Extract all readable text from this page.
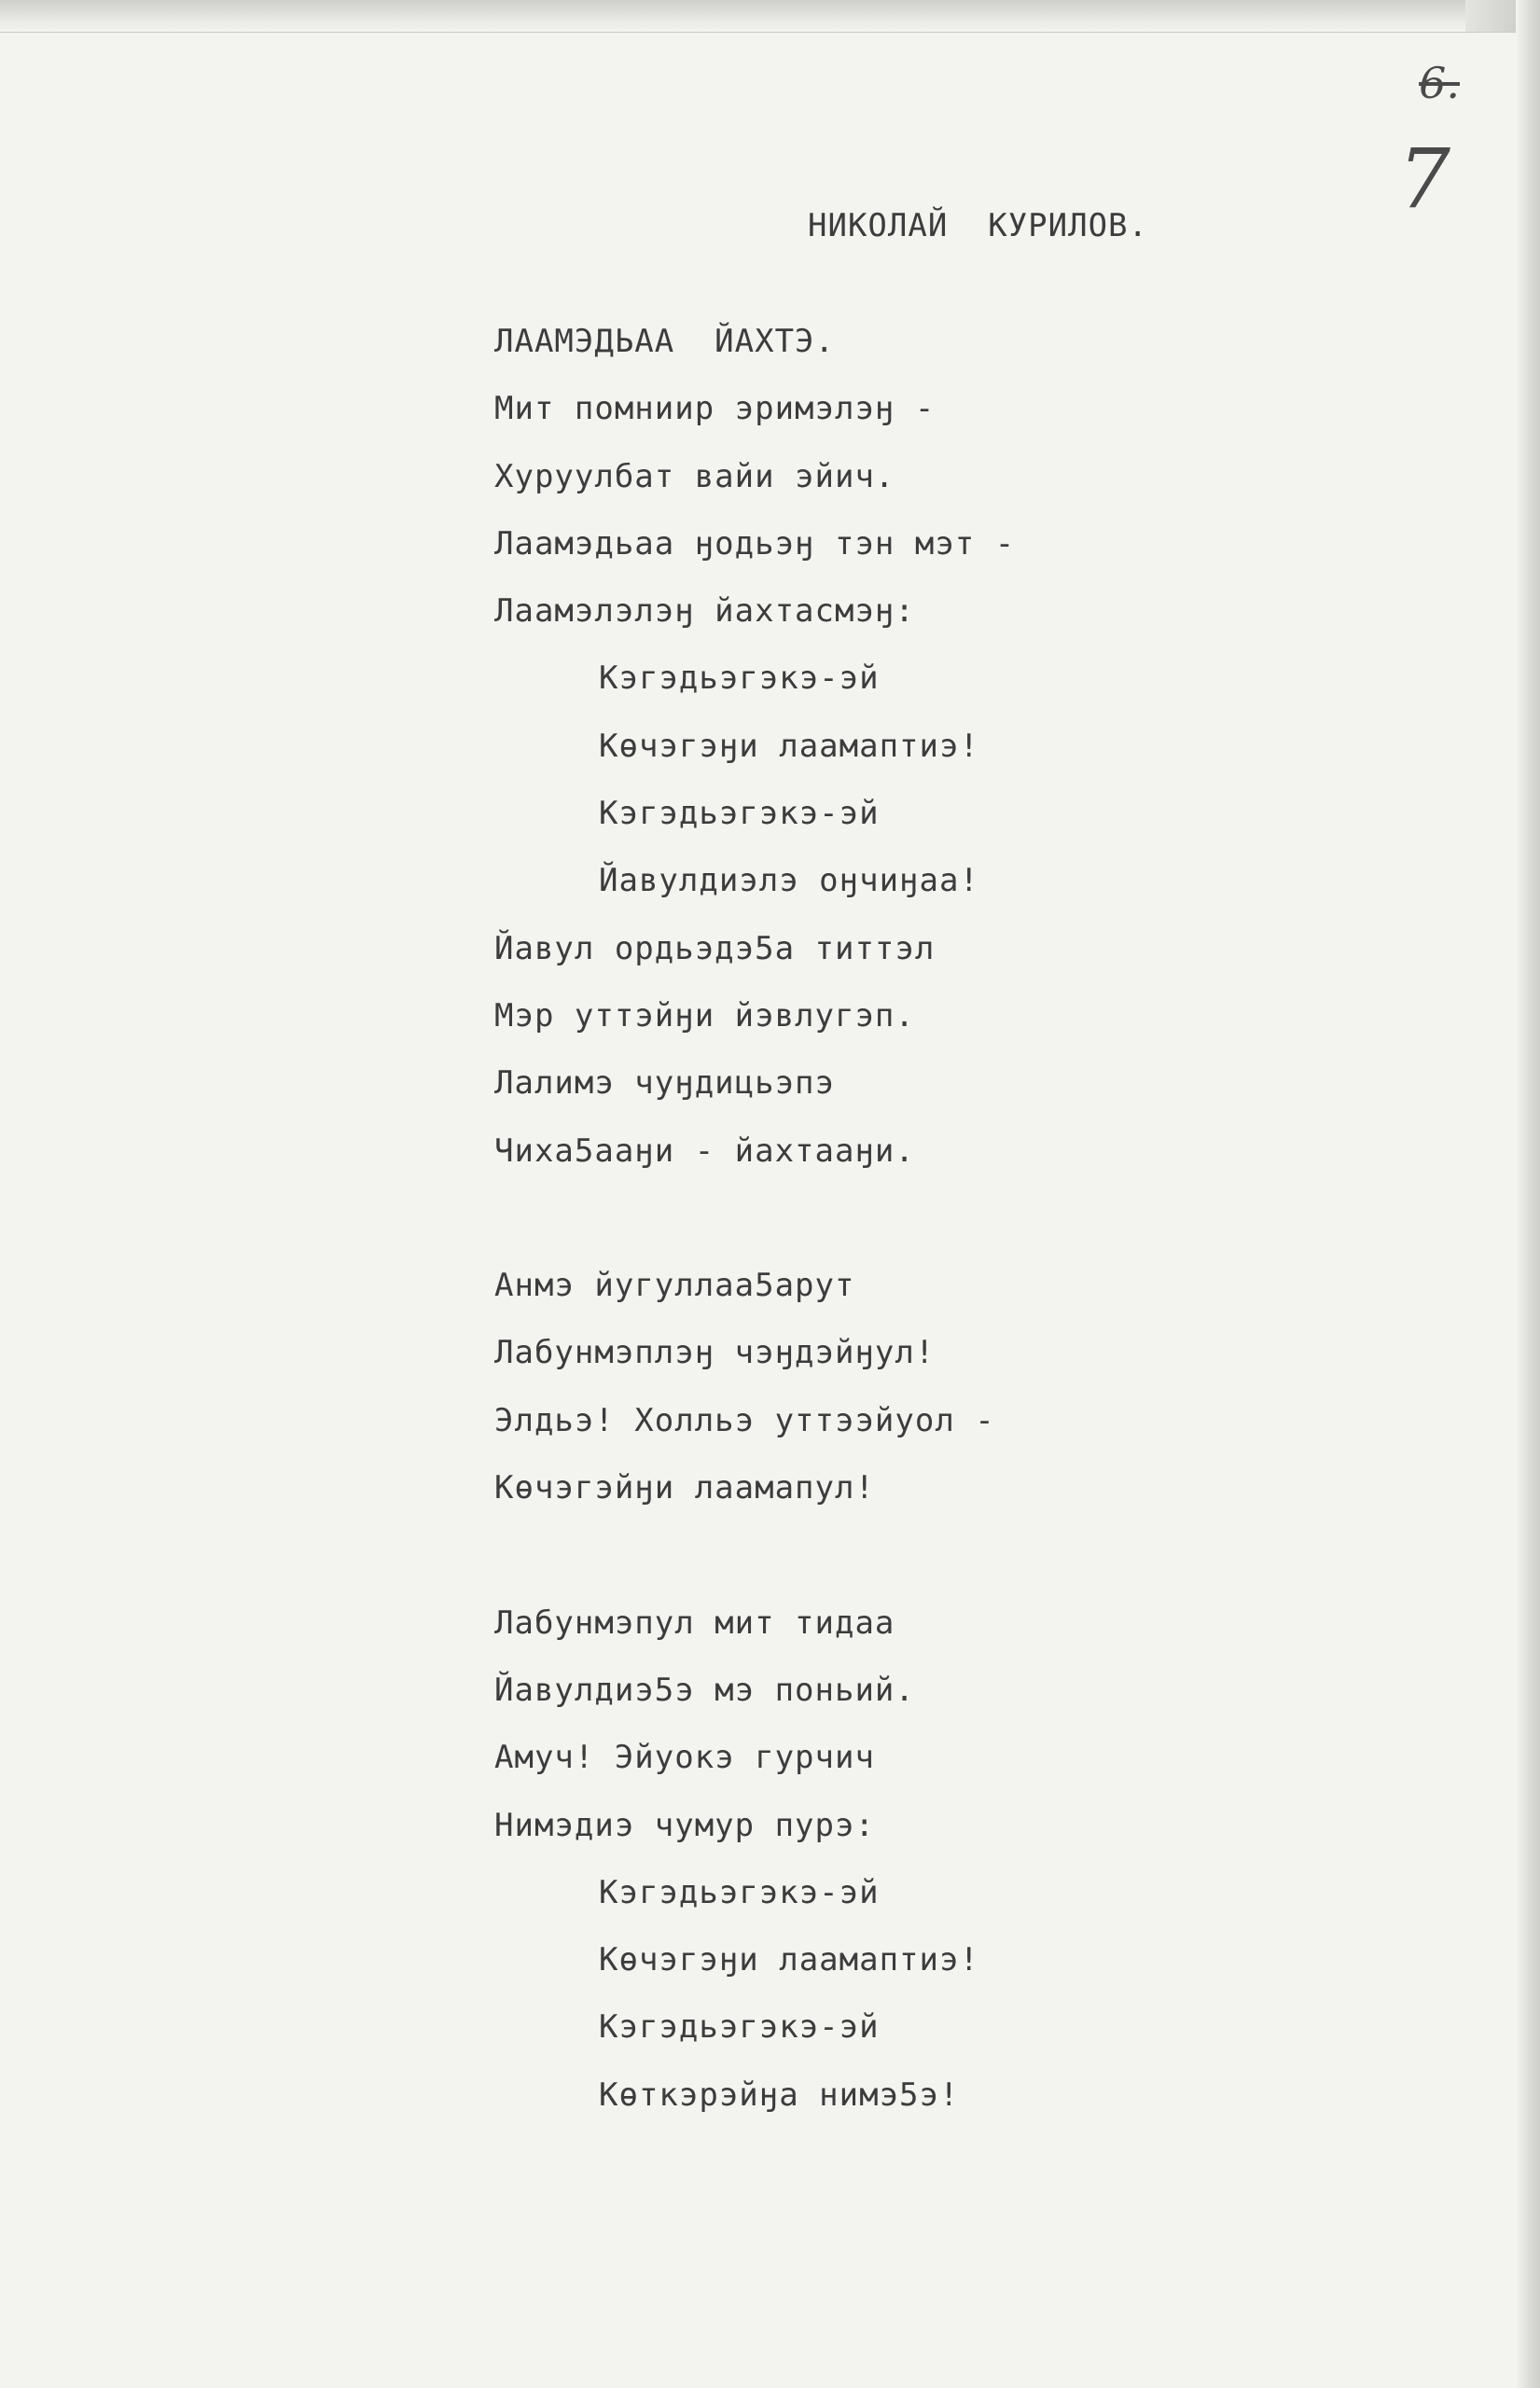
6.

7

НИКОЛАЙ  КУРИЛОВ.

ЛААМЭДЬАА  ЙАХТЭ.
Мит помниир эримэлэӈ -
Хуруулбат вайи эйич.
Лаамэдьаа ӈодьэӈ тэн мэт -
Лаамэлэлэӈ йахтасмэӈ:
Кэгэдьэгэкэ-эй
Кѳчэгэӈи лаамаптиэ!
Кэгэдьэгэкэ-эй
Йавулдиэлэ оӈчиӈаа!
Йавул ордьэдэ5а титтэл
Мэр уттэйӈи йэвлугэп.
Лалимэ чуӈдицьэпэ
Чиха5ааӈи - йахтааӈи.
Анмэ йугуллаа5арут
Лабунмэплэӈ чэӈдэйӈул!
Элдьэ! Холльэ уттээйуол -
Кѳчэгэйӈи лаамапул!
Лабунмэпул мит тидаа
Йавулдиэ5э мэ поньий.
Амуч! Эйуокэ гурчич
Нимэдиэ чумур пурэ:
Кэгэдьэгэкэ-эй
Кѳчэгэӈи лаамаптиэ!
Кэгэдьэгэкэ-эй
Кѳткэрэйӈа нимэ5э!
